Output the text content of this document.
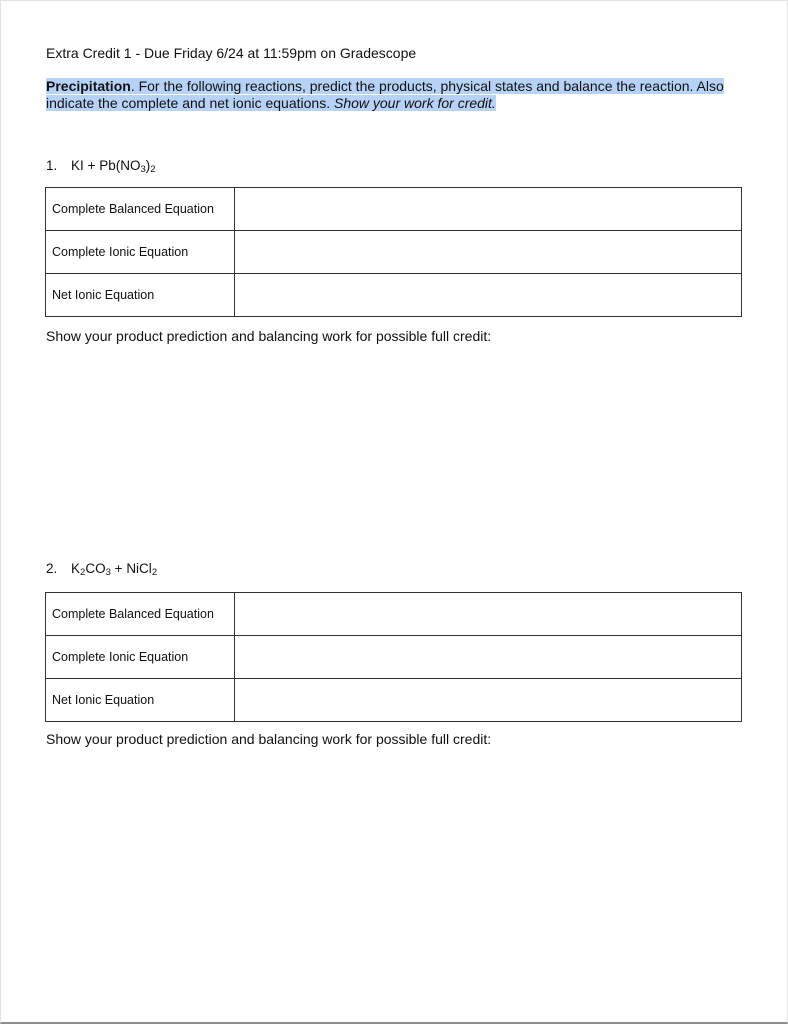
Extra Credit 1 - Due Friday 6/24 at 11:59pm on Gradescope
Precipitation. For the following reactions, predict the products, physical states and balance the reaction. Also indicate the complete and net ionic equations. Show your work for credit.
1. KI + $Pb(NO_3)_2$
Complete Balanced Equation	
Complete Ionic Equation	
Net Ionic Equation	
Show your product prediction and balancing work for possible full credit:
2. $K_2CO_3$ + NiCl$_2$
Complete Balanced Equation	
Complete Ionic Equation	
Net Ionic Equation	
Show your product prediction and balancing work for possible full credit:
